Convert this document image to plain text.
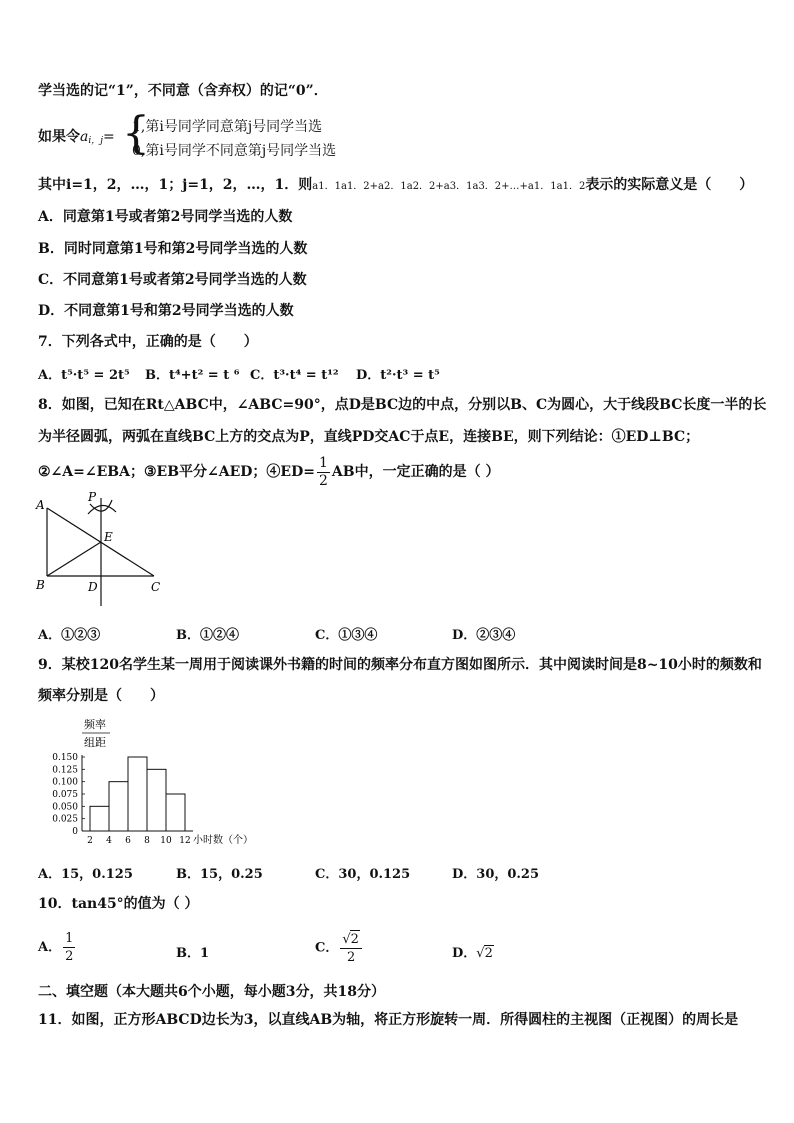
学当选的记“1”，不同意（含弃权）的记“0”．
如果令$a_{i,j}=$ {
1,第i号同学同意第j号同学当选
0,第i号同学不同意第j号同学当选
其中i=1，2，…，1；j=1，2，…，1．则a1．1a1．2+a2．1a2．2+a3．1a3．2+…+a1．1a1．2表示的实际意义是（　　）
A．同意第1号或者第2号同学当选的人数
B．同时同意第1号和第2号同学当选的人数
C．不同意第1号或者第2号同学当选的人数
D．不同意第1号和第2号同学当选的人数
7．下列各式中，正确的是（　　）
A．t⁵·t⁵ = 2t⁵ B．t⁴+t² = t ⁶ C．t³·t⁴ = t¹² D．t²·t³ = t⁵
8．如图，已知在Rt△ABC中，∠ABC=90°，点D是BC边的中点，分别以B、C为圆心，大于线段BC长度一半的长
为半径圆弧，两弧在直线BC上方的交点为P，直线PD交AC于点E，连接BE，则下列结论：①ED⊥BC；
②∠A=∠EBA；③EB平分∠AED；④ED= $\frac{1}{2}$ AB中，一定正确的是（ ）
A
P
E
B	D	C
A．①②③	B．①②④	C．①③④	D．②③④
9．某校120名学生某一周用于阅读课外书籍的时间的频率分布直方图如图所示．其中阅读时间是8~10小时的频数和
频率分别是（　　）
频率
组距
0
0.025
0.050
0.075
0.100
0.125
0.150
2 4 6 8 10 12 小时数（个）
A．15，0.125	B．15，0.25	C．30，0.125	D．30，0.25
10．tan45°的值为（ ）
A． $\frac{1}{2}$	B．1	C． $\frac{√2}{2}$	D．√2
二、填空题（本大题共6个小题，每小题3分，共18分）
11．如图，正方形ABCD边长为3，以直线AB为轴，将正方形旋转一周．所得圆柱的主视图（正视图）的周长是
